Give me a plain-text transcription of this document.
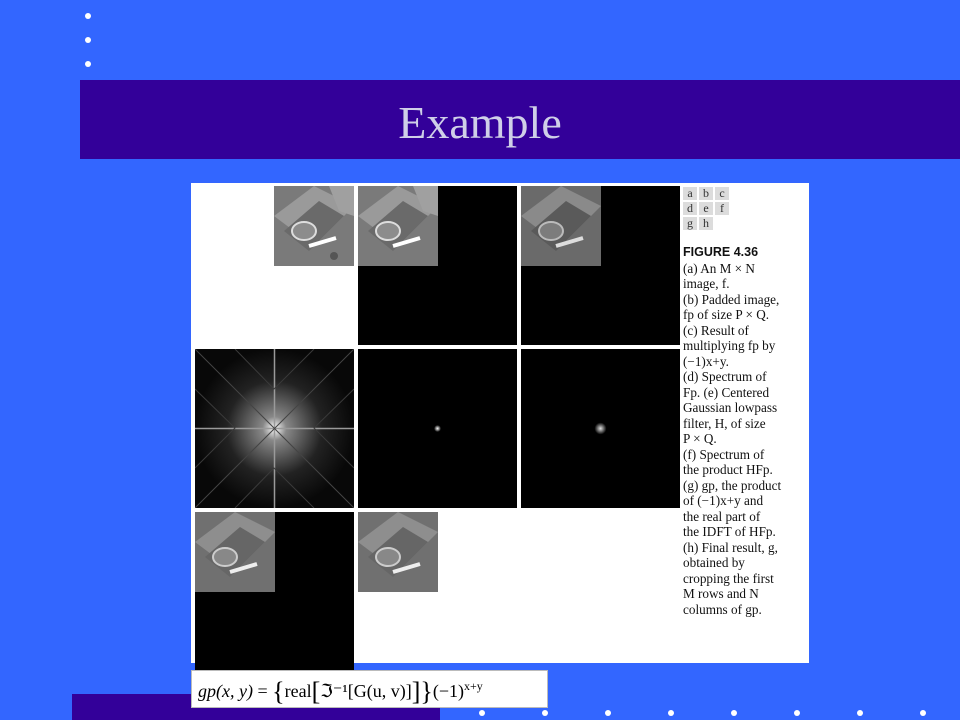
Example
a b c
d e f
g h

FIGURE 4.36

(a) An M × N

image, f.

(b) Padded image,

fp of size P × Q.

(c) Result of

multiplying fp by

(−1)x+y.

(d) Spectrum of

Fp. (e) Centered

Gaussian lowpass

filter, H, of size

P × Q.

(f) Spectrum of

the product HFp.

(g) gp, the product

of (−1)x+y and

the real part of

the IDFT of HFp.

(h) Final result, g,

obtained by

cropping the first

M rows and N

columns of gp.

gp(x, y) = {real[ℑ⁻¹[G(u, $v)]]\}(-1)^{x+y}$
